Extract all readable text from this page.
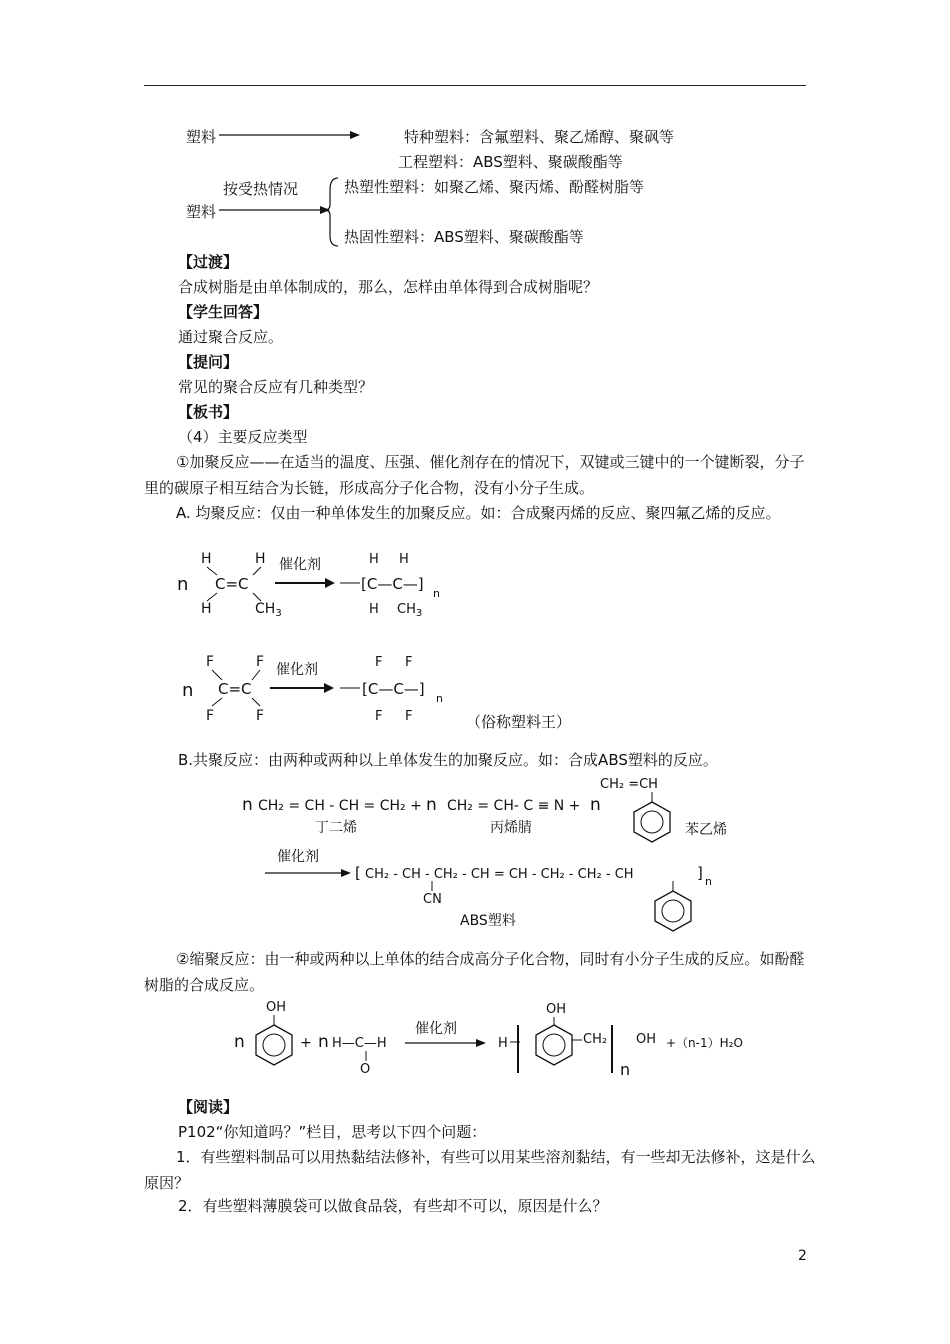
塑料	特种塑料：含氟塑料、聚乙烯醇、聚砜等
工程塑料：ABS塑料、聚碳酸酯等
按受热情况
塑料
热塑性塑料：如聚乙烯、聚丙烯、酚醛树脂等
热固性塑料：ABS塑料、聚碳酸酯等
【过渡】
合成树脂是由单体制成的，那么，怎样由单体得到合成树脂呢？
【学生回答】
通过聚合反应。
【提问】
常见的聚合反应有几种类型？
【板书】
（4）主要反应类型
①加聚反应——在适当的温度、压强、催化剂存在的情况下，双键或三键中的一个键断裂，分子里的碳原子相互结合为长链，形成高分子化合物，没有小分子生成。
A. 均聚反应：仅由一种单体发生的加聚反应。如：合成聚丙烯的反应、聚四氟乙烯的反应。
n
H	H
C=C
H	$CH_3$
催化剂
[C—C—]
n
H H
H $CH_3$
n
F	F
C=C
F	F
催化剂
[C—C—]
n
F F
F F	（俗称塑料王）
B.共聚反应：由两种或两种以上单体发生的加聚反应。如：合成ABS塑料的反应。
n CH₂ = CH - CH = CH₂ + n CH₂ = CH- C ≡ N + n
CH₂ =CH
丁二烯	丙烯腈	苯乙烯
催化剂
[ CH₂ - CH - CH₂ - CH = CH - CH₂ - CH₂ - CH	] n
CN
ABS塑料
②缩聚反应：由一种或两种以上单体的结合成高分子化合物，同时有小分子生成的反应。如酚醛树脂的合成反应。
n
OH
+ n H—C—H
O
催化剂
H
OH
CH₂
n
OH +（n-1）H₂O
【阅读】
P102“你知道吗？”栏目，思考以下四个问题：
1．有些塑料制品可以用热黏结法修补，有些可以用某些溶剂黏结，有一些却无法修补，这是什么原因？
2．有些塑料薄膜袋可以做食品袋，有些却不可以，原因是什么？
2
